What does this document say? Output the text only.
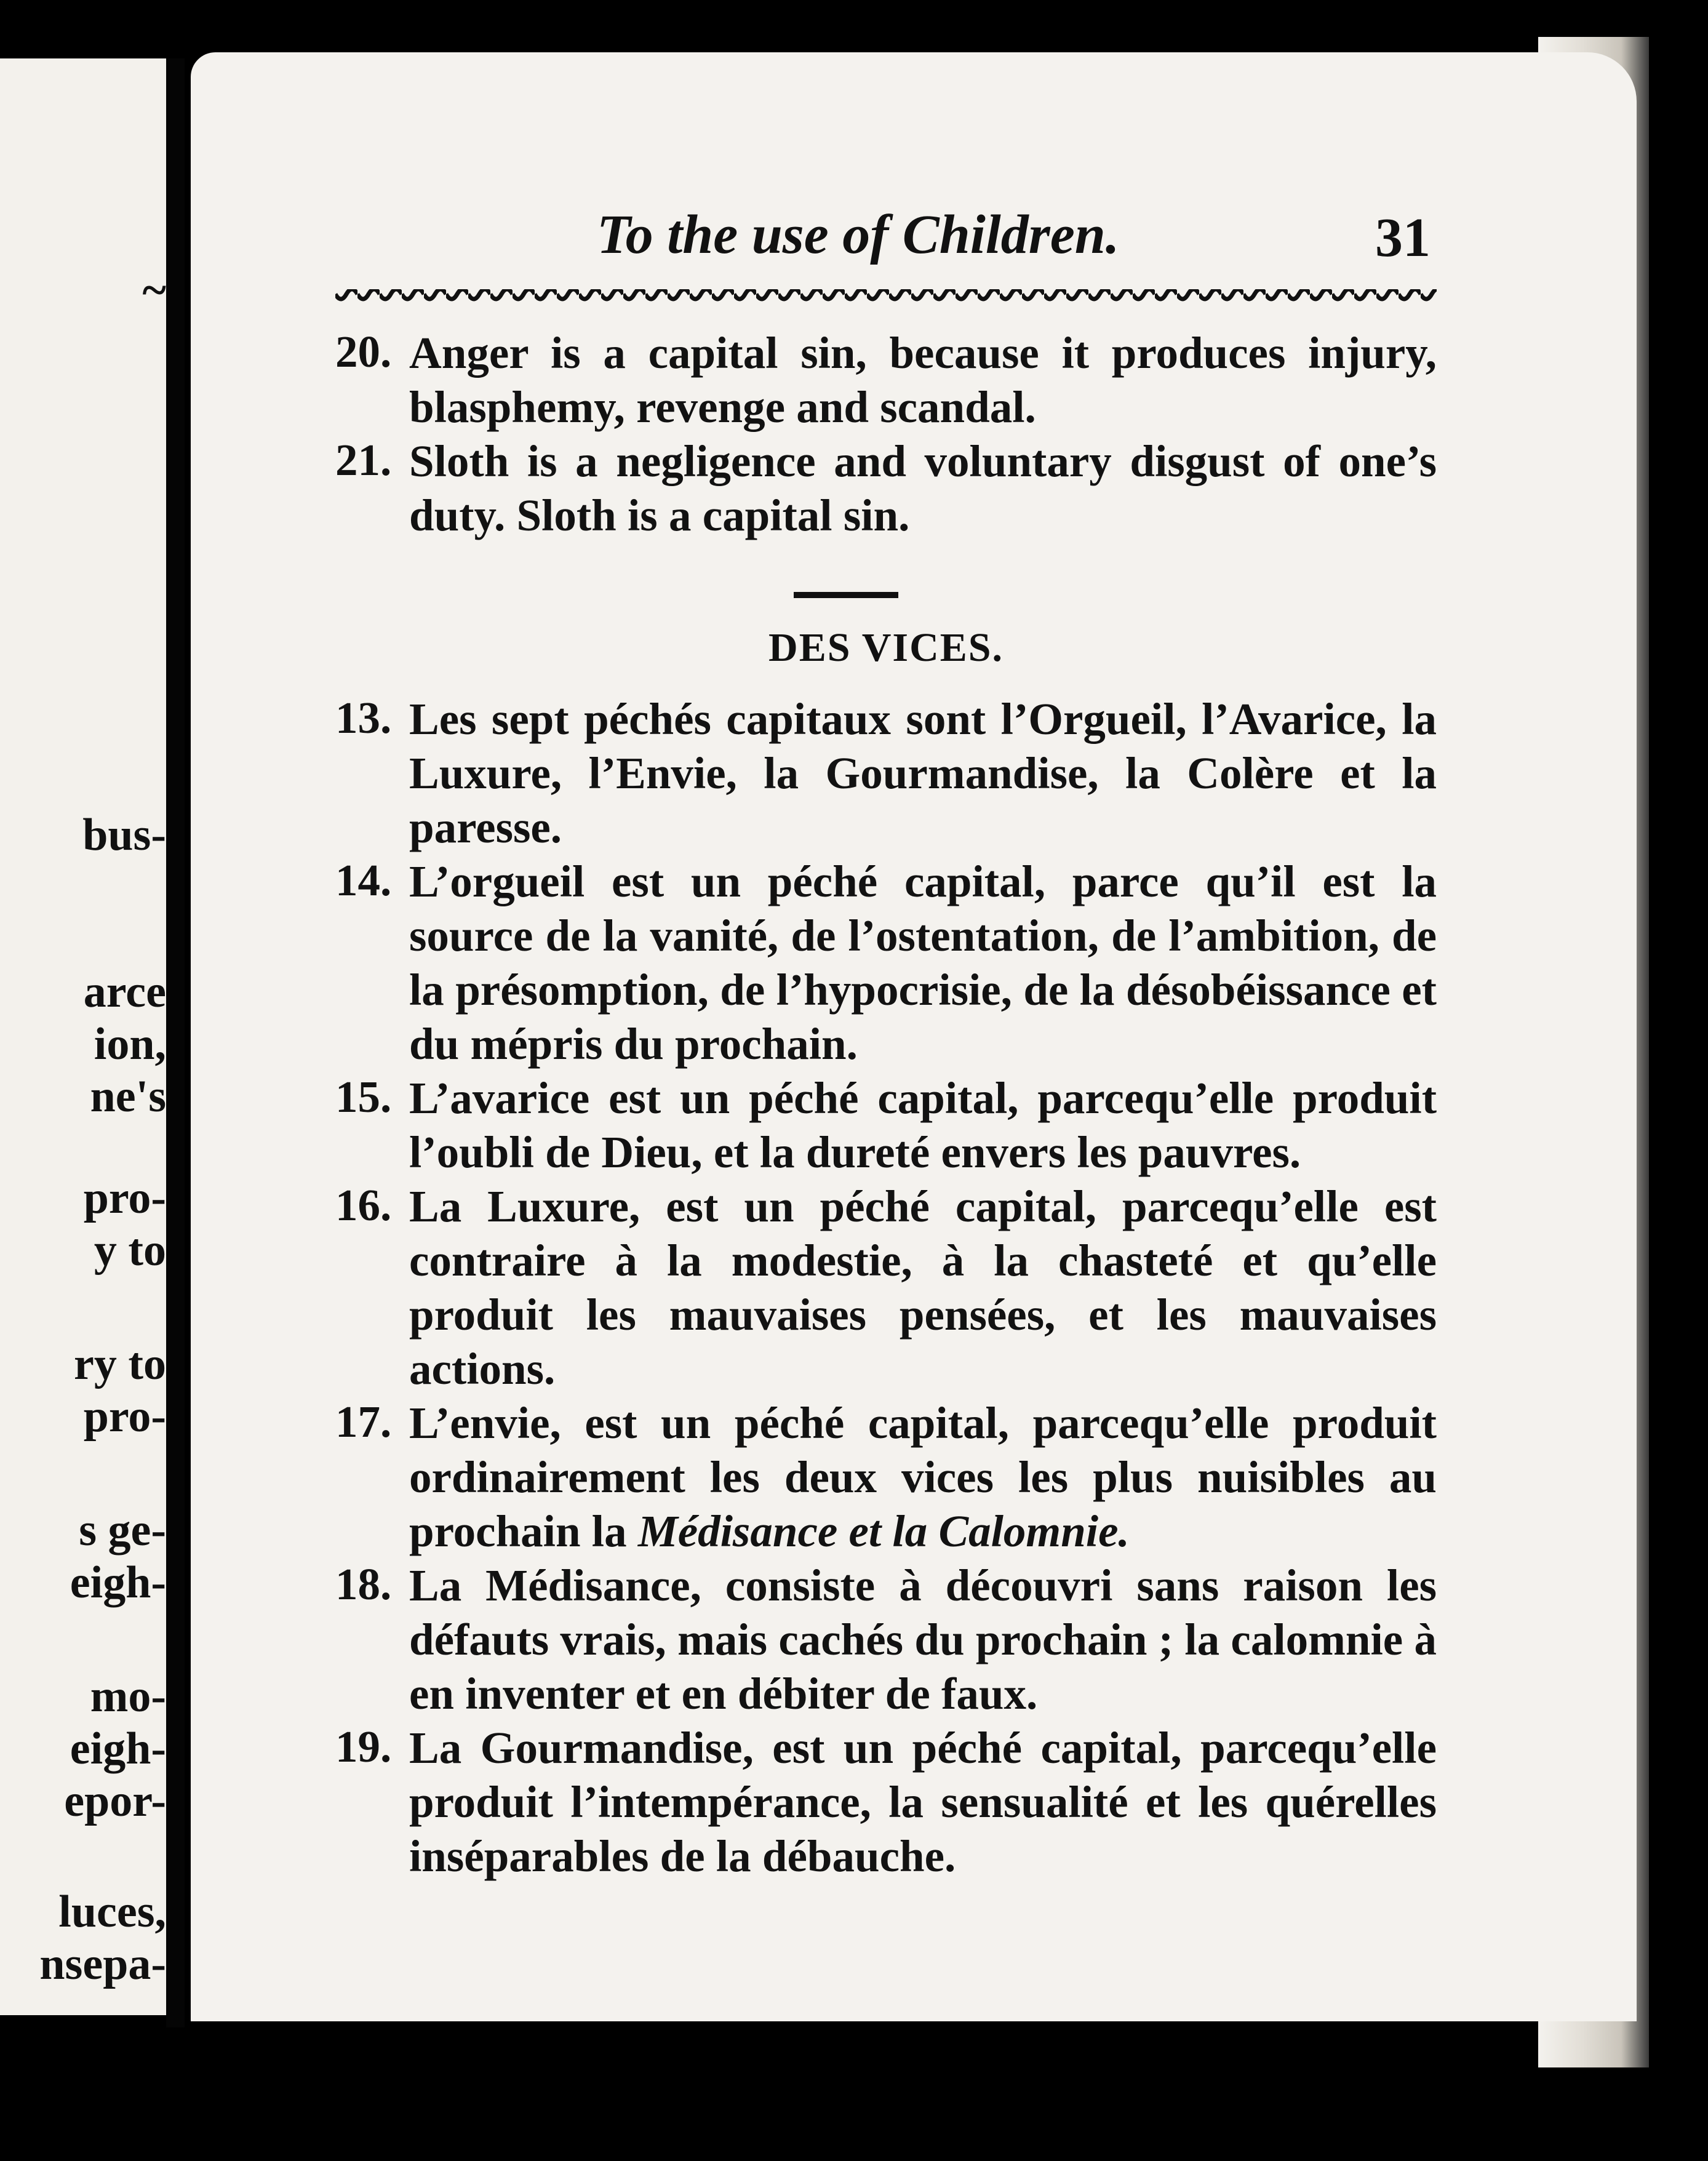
~
bus-
arce
ion,
ne's
pro-
y to
ry to
pro-
s ge-
eigh-
mo-
eigh-
epor-
luces,
nsepa-
To the use of Children.	31

20. Anger is a capital sin, because it produces injury, blasphemy, revenge and scandal.

21. Sloth is a negligence and voluntary disgust of one’s duty. Sloth is a capital sin.

DES VICES.

13. Les sept péchés capitaux sont l’Orgueil, l’Avarice, la Luxure, l’Envie, la Gourmandise, la Colère et la paresse.

14. L’orgueil est un péché capital, parce qu’il est la source de la vanité, de l’ostentation, de l’ambition, de la présomption, de l’hypocrisie, de la désobéissance et du mépris du prochain.

15. L’avarice est un péché capital, parcequ’elle produit l’oubli de Dieu, et la dureté envers les pauvres.

16. La Luxure, est un péché capital, parcequ’elle est contraire à la modestie, à la chasteté et qu’elle produit les mauvaises pensées, et les mauvaises actions.

17. L’envie, est un péché capital, parcequ’elle produit ordinairement les deux vices les plus nuisibles au prochain la Médisance et la Calomnie.

18. La Médisance, consiste à découvri sans raison les défauts vrais, mais cachés du prochain ; la calomnie à en inventer et en débiter de faux.

19. La Gourmandise, est un péché capital, parcequ’elle produit l’intempérance, la sensualité et les quérelles inséparables de la débauche.
